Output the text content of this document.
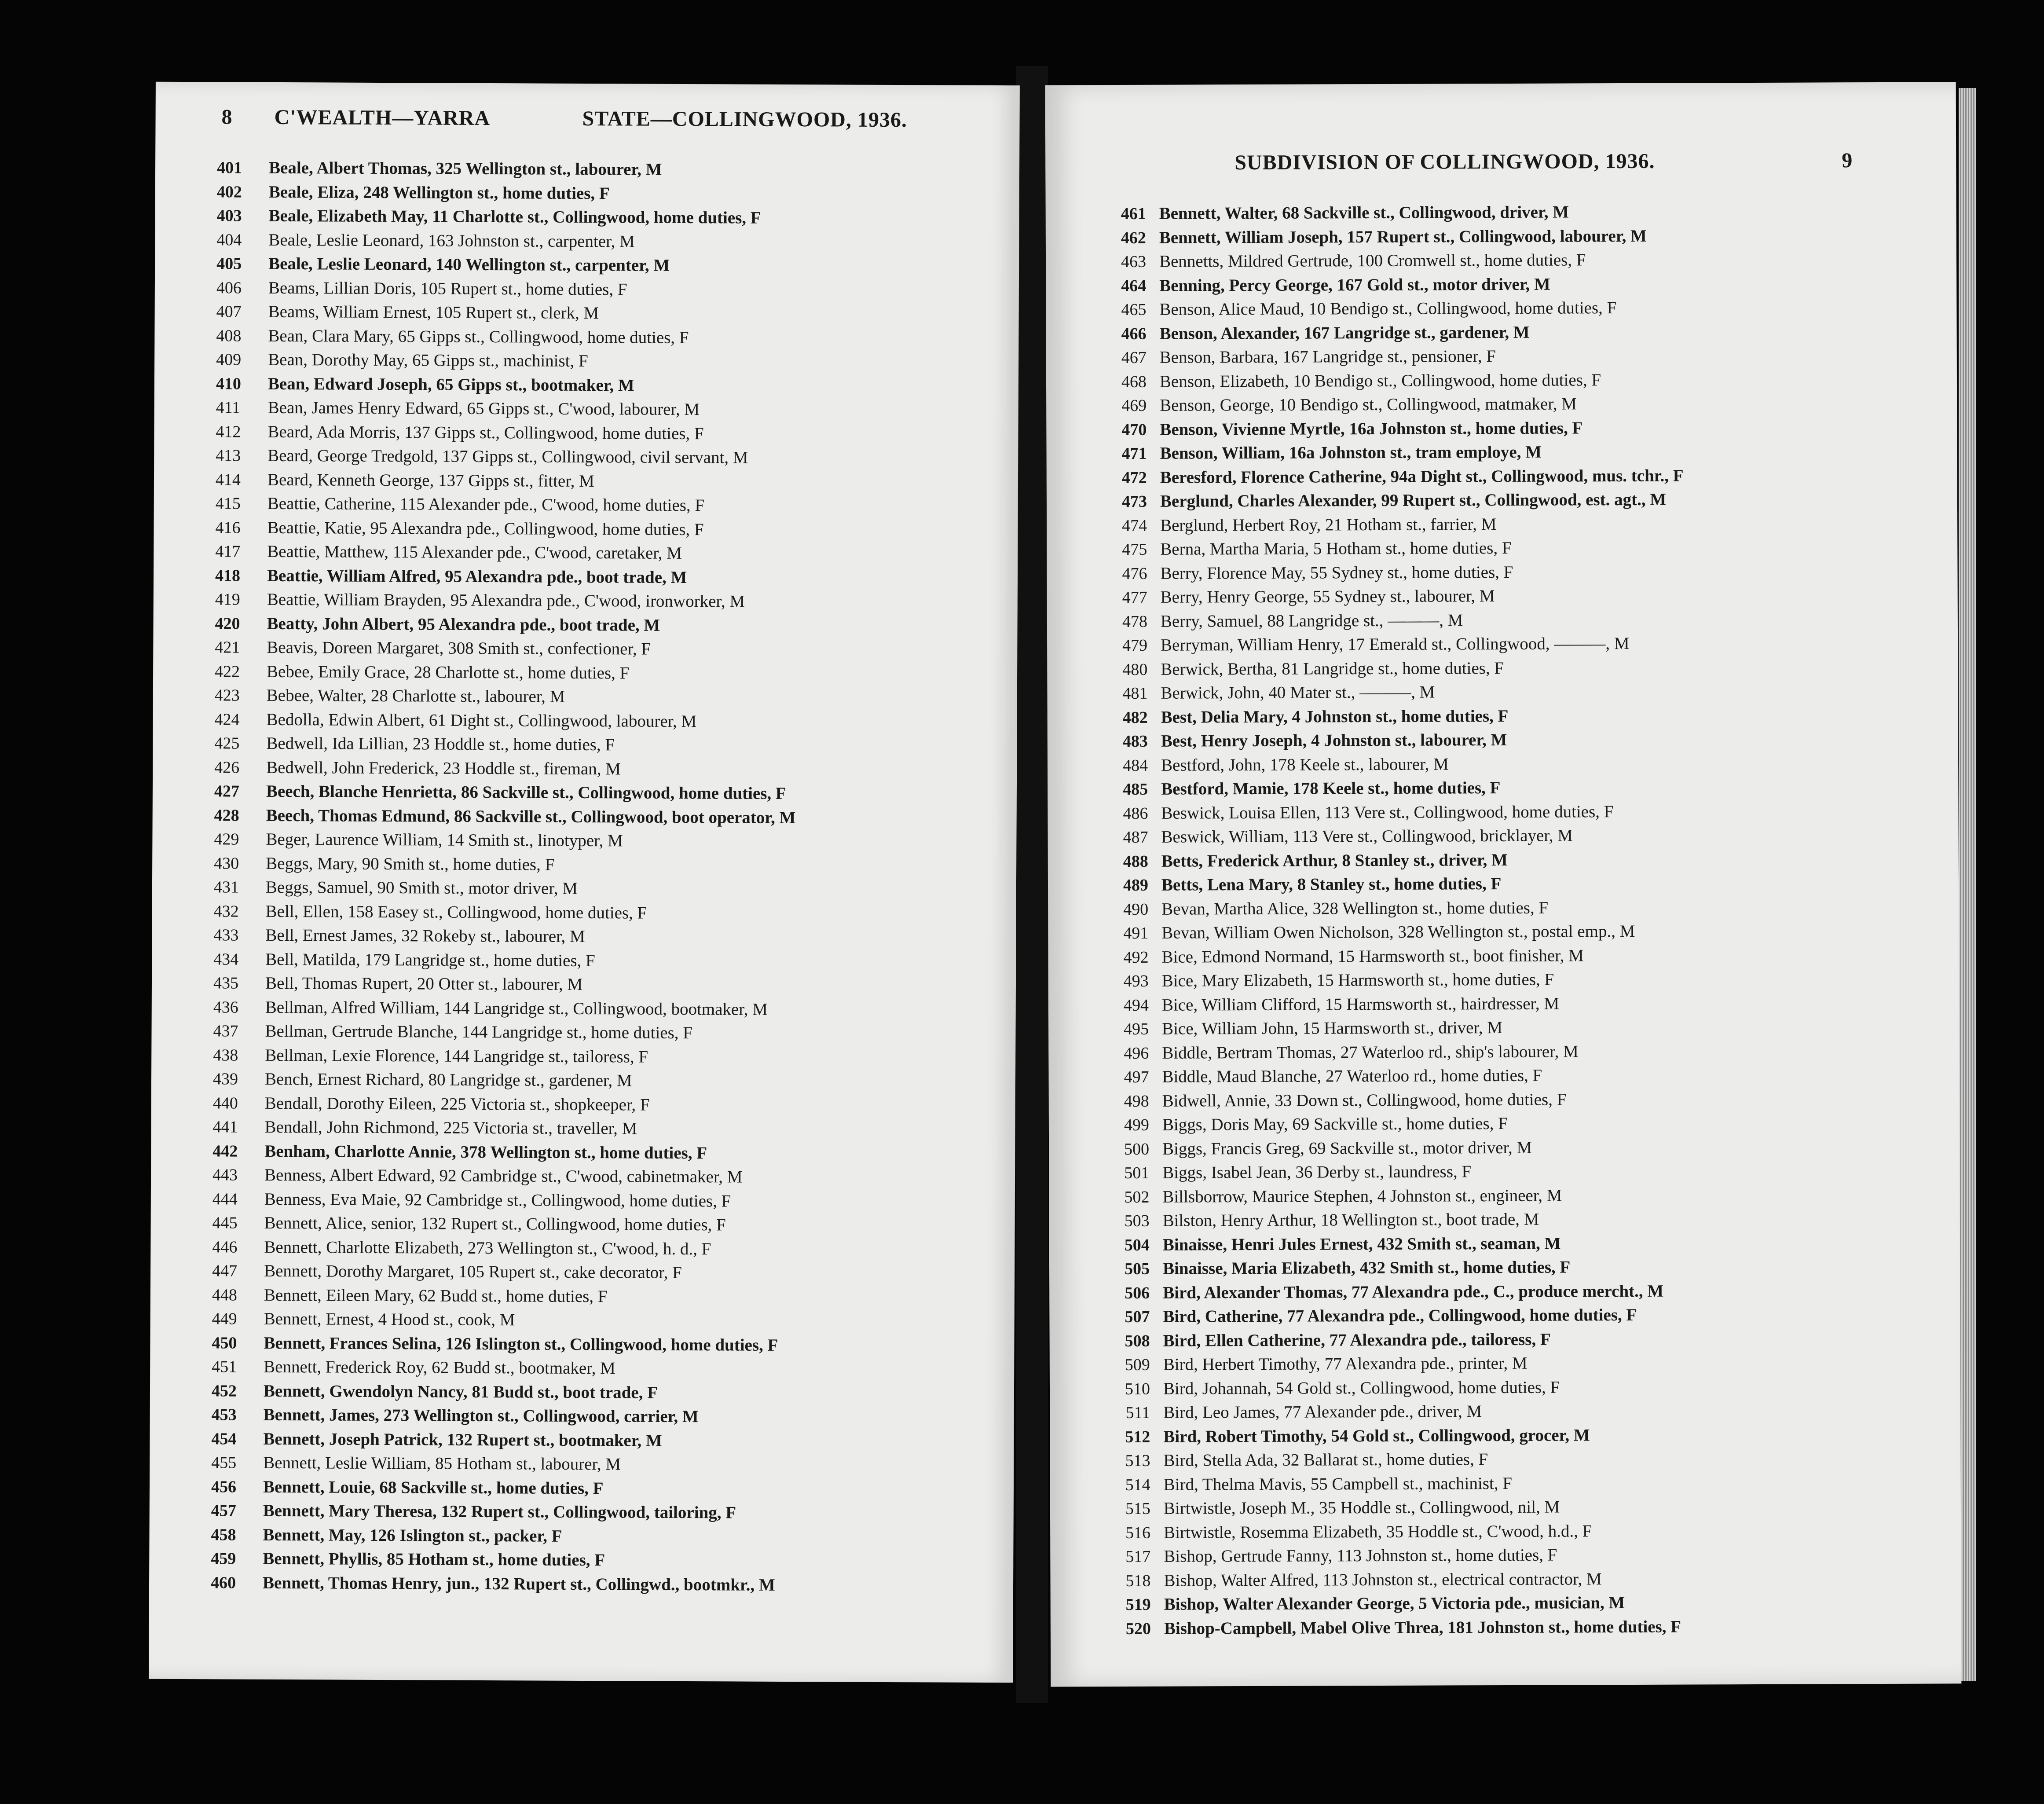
8 C'WEALTH—YARRA	STATE—COLLINGWOOD, 1936.
401 Beale, Albert Thomas, 325 Wellington st., labourer, M
402 Beale, Eliza, 248 Wellington st., home duties, F
403 Beale, Elizabeth May, 11 Charlotte st., Collingwood, home duties, F
404 Beale, Leslie Leonard, 163 Johnston st., carpenter, M
405 Beale, Leslie Leonard, 140 Wellington st., carpenter, M
406 Beams, Lillian Doris, 105 Rupert st., home duties, F
407 Beams, William Ernest, 105 Rupert st., clerk, M
408 Bean, Clara Mary, 65 Gipps st., Collingwood, home duties, F
409 Bean, Dorothy May, 65 Gipps st., machinist, F
410 Bean, Edward Joseph, 65 Gipps st., bootmaker, M
411 Bean, James Henry Edward, 65 Gipps st., C'wood, labourer, M
412 Beard, Ada Morris, 137 Gipps st., Collingwood, home duties, F
413 Beard, George Tredgold, 137 Gipps st., Collingwood, civil servant, M
414 Beard, Kenneth George, 137 Gipps st., fitter, M
415 Beattie, Catherine, 115 Alexander pde., C'wood, home duties, F
416 Beattie, Katie, 95 Alexandra pde., Collingwood, home duties, F
417 Beattie, Matthew, 115 Alexander pde., C'wood, caretaker, M
418 Beattie, William Alfred, 95 Alexandra pde., boot trade, M
419 Beattie, William Brayden, 95 Alexandra pde., C'wood, ironworker, M
420 Beatty, John Albert, 95 Alexandra pde., boot trade, M
421 Beavis, Doreen Margaret, 308 Smith st., confectioner, F
422 Bebee, Emily Grace, 28 Charlotte st., home duties, F
423 Bebee, Walter, 28 Charlotte st., labourer, M
424 Bedolla, Edwin Albert, 61 Dight st., Collingwood, labourer, M
425 Bedwell, Ida Lillian, 23 Hoddle st., home duties, F
426 Bedwell, John Frederick, 23 Hoddle st., fireman, M
427 Beech, Blanche Henrietta, 86 Sackville st., Collingwood, home duties, F
428 Beech, Thomas Edmund, 86 Sackville st., Collingwood, boot operator, M
429 Beger, Laurence William, 14 Smith st., linotyper, M
430 Beggs, Mary, 90 Smith st., home duties, F
431 Beggs, Samuel, 90 Smith st., motor driver, M
432 Bell, Ellen, 158 Easey st., Collingwood, home duties, F
433 Bell, Ernest James, 32 Rokeby st., labourer, M
434 Bell, Matilda, 179 Langridge st., home duties, F
435 Bell, Thomas Rupert, 20 Otter st., labourer, M
436 Bellman, Alfred William, 144 Langridge st., Collingwood, bootmaker, M
437 Bellman, Gertrude Blanche, 144 Langridge st., home duties, F
438 Bellman, Lexie Florence, 144 Langridge st., tailoress, F
439 Bench, Ernest Richard, 80 Langridge st., gardener, M
440 Bendall, Dorothy Eileen, 225 Victoria st., shopkeeper, F
441 Bendall, John Richmond, 225 Victoria st., traveller, M
442 Benham, Charlotte Annie, 378 Wellington st., home duties, F
443 Benness, Albert Edward, 92 Cambridge st., C'wood, cabinetmaker, M
444 Benness, Eva Maie, 92 Cambridge st., Collingwood, home duties, F
445 Bennett, Alice, senior, 132 Rupert st., Collingwood, home duties, F
446 Bennett, Charlotte Elizabeth, 273 Wellington st., C'wood, h. d., F
447 Bennett, Dorothy Margaret, 105 Rupert st., cake decorator, F
448 Bennett, Eileen Mary, 62 Budd st., home duties, F
449 Bennett, Ernest, 4 Hood st., cook, M
450 Bennett, Frances Selina, 126 Islington st., Collingwood, home duties, F
451 Bennett, Frederick Roy, 62 Budd st., bootmaker, M
452 Bennett, Gwendolyn Nancy, 81 Budd st., boot trade, F
453 Bennett, James, 273 Wellington st., Collingwood, carrier, M
454 Bennett, Joseph Patrick, 132 Rupert st., bootmaker, M
455 Bennett, Leslie William, 85 Hotham st., labourer, M
456 Bennett, Louie, 68 Sackville st., home duties, F
457 Bennett, Mary Theresa, 132 Rupert st., Collingwood, tailoring, F
458 Bennett, May, 126 Islington st., packer, F
459 Bennett, Phyllis, 85 Hotham st., home duties, F
460 Bennett, Thomas Henry, jun., 132 Rupert st., Collingwd., bootmkr., M
SUBDIVISION OF COLLINGWOOD, 1936.	9
461 Bennett, Walter, 68 Sackville st., Collingwood, driver, M
462 Bennett, William Joseph, 157 Rupert st., Collingwood, labourer, M
463 Bennetts, Mildred Gertrude, 100 Cromwell st., home duties, F
464 Benning, Percy George, 167 Gold st., motor driver, M
465 Benson, Alice Maud, 10 Bendigo st., Collingwood, home duties, F
466 Benson, Alexander, 167 Langridge st., gardener, M
467 Benson, Barbara, 167 Langridge st., pensioner, F
468 Benson, Elizabeth, 10 Bendigo st., Collingwood, home duties, F
469 Benson, George, 10 Bendigo st., Collingwood, matmaker, M
470 Benson, Vivienne Myrtle, 16a Johnston st., home duties, F
471 Benson, William, 16a Johnston st., tram employe, M
472 Beresford, Florence Catherine, 94a Dight st., Collingwood, mus. tchr., F
473 Berglund, Charles Alexander, 99 Rupert st., Collingwood, est. agt., M
474 Berglund, Herbert Roy, 21 Hotham st., farrier, M
475 Berna, Martha Maria, 5 Hotham st., home duties, F
476 Berry, Florence May, 55 Sydney st., home duties, F
477 Berry, Henry George, 55 Sydney st., labourer, M
478 Berry, Samuel, 88 Langridge st., ———, M
479 Berryman, William Henry, 17 Emerald st., Collingwood, ———, M
480 Berwick, Bertha, 81 Langridge st., home duties, F
481 Berwick, John, 40 Mater st., ———, M
482 Best, Delia Mary, 4 Johnston st., home duties, F
483 Best, Henry Joseph, 4 Johnston st., labourer, M
484 Bestford, John, 178 Keele st., labourer, M
485 Bestford, Mamie, 178 Keele st., home duties, F
486 Beswick, Louisa Ellen, 113 Vere st., Collingwood, home duties, F
487 Beswick, William, 113 Vere st., Collingwood, bricklayer, M
488 Betts, Frederick Arthur, 8 Stanley st., driver, M
489 Betts, Lena Mary, 8 Stanley st., home duties, F
490 Bevan, Martha Alice, 328 Wellington st., home duties, F
491 Bevan, William Owen Nicholson, 328 Wellington st., postal emp., M
492 Bice, Edmond Normand, 15 Harmsworth st., boot finisher, M
493 Bice, Mary Elizabeth, 15 Harmsworth st., home duties, F
494 Bice, William Clifford, 15 Harmsworth st., hairdresser, M
495 Bice, William John, 15 Harmsworth st., driver, M
496 Biddle, Bertram Thomas, 27 Waterloo rd., ship's labourer, M
497 Biddle, Maud Blanche, 27 Waterloo rd., home duties, F
498 Bidwell, Annie, 33 Down st., Collingwood, home duties, F
499 Biggs, Doris May, 69 Sackville st., home duties, F
500 Biggs, Francis Greg, 69 Sackville st., motor driver, M
501 Biggs, Isabel Jean, 36 Derby st., laundress, F
502 Billsborrow, Maurice Stephen, 4 Johnston st., engineer, M
503 Bilston, Henry Arthur, 18 Wellington st., boot trade, M
504 Binaisse, Henri Jules Ernest, 432 Smith st., seaman, M
505 Binaisse, Maria Elizabeth, 432 Smith st., home duties, F
506 Bird, Alexander Thomas, 77 Alexandra pde., C., produce mercht., M
507 Bird, Catherine, 77 Alexandra pde., Collingwood, home duties, F
508 Bird, Ellen Catherine, 77 Alexandra pde., tailoress, F
509 Bird, Herbert Timothy, 77 Alexandra pde., printer, M
510 Bird, Johannah, 54 Gold st., Collingwood, home duties, F
511 Bird, Leo James, 77 Alexander pde., driver, M
512 Bird, Robert Timothy, 54 Gold st., Collingwood, grocer, M
513 Bird, Stella Ada, 32 Ballarat st., home duties, F
514 Bird, Thelma Mavis, 55 Campbell st., machinist, F
515 Birtwistle, Joseph M., 35 Hoddle st., Collingwood, nil, M
516 Birtwistle, Rosemma Elizabeth, 35 Hoddle st., C'wood, h.d., F
517 Bishop, Gertrude Fanny, 113 Johnston st., home duties, F
518 Bishop, Walter Alfred, 113 Johnston st., electrical contractor, M
519 Bishop, Walter Alexander George, 5 Victoria pde., musician, M
520 Bishop-Campbell, Mabel Olive Threa, 181 Johnston st., home duties, F
